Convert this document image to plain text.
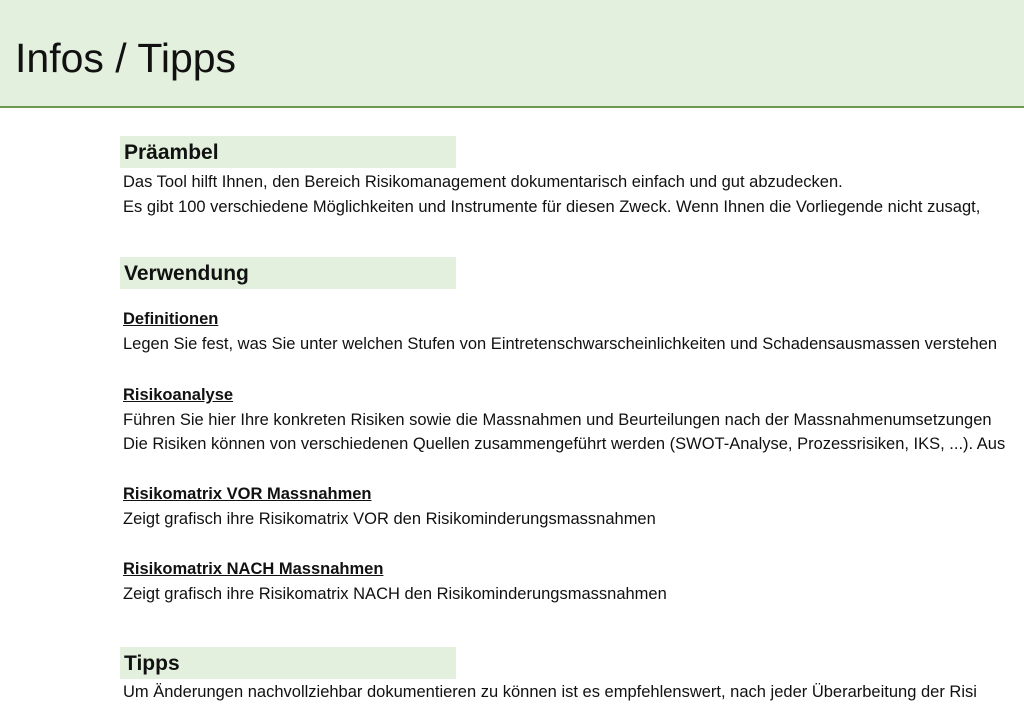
Infos / Tipps
Präambel
Das Tool hilft Ihnen, den Bereich Risikomanagement dokumentarisch einfach und gut abzudecken.
Es gibt 100 verschiedene Möglichkeiten und Instrumente für diesen Zweck. Wenn Ihnen die Vorliegende nicht zusagt,
Verwendung
Definitionen
Legen Sie fest, was Sie unter welchen Stufen von Eintretenschwarscheinlichkeiten und Schadensausmassen verstehen
Risikoanalyse
Führen Sie hier Ihre konkreten Risiken sowie die Massnahmen und Beurteilungen nach der Massnahmenumsetzungen
Die Risiken können von verschiedenen Quellen zusammengeführt werden (SWOT-Analyse, Prozessrisiken, IKS, ...). Aus
Risikomatrix VOR Massnahmen
Zeigt grafisch ihre Risikomatrix VOR den Risikominderungsmassnahmen
Risikomatrix NACH Massnahmen
Zeigt grafisch ihre Risikomatrix NACH den Risikominderungsmassnahmen
Tipps
Um Änderungen nachvollziehbar dokumentieren zu können ist es empfehlenswert, nach jeder Überarbeitung der Risi
